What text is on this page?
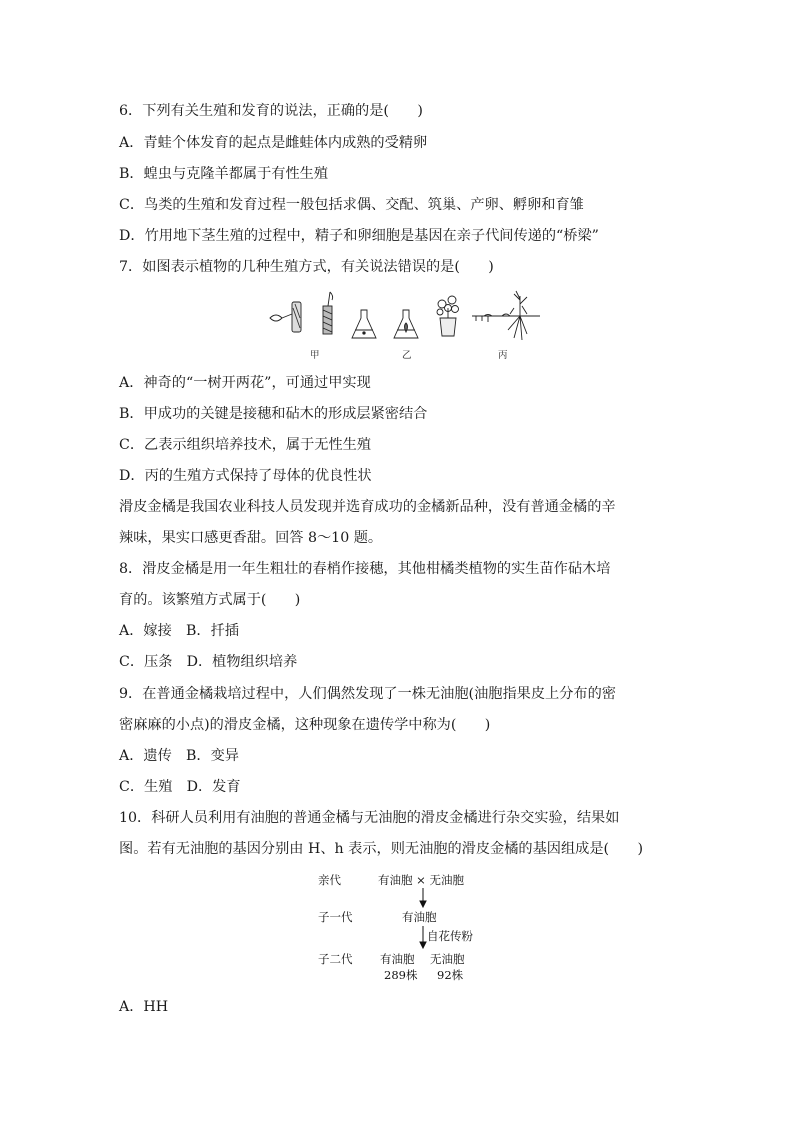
6．下列有关生殖和发育的说法，正确的是(　　)
A．青蛙个体发育的起点是雌蛙体内成熟的受精卵
B．蝗虫与克隆羊都属于有性生殖
C．鸟类的生殖和发育过程一般包括求偶、交配、筑巢、产卵、孵卵和育雏
D．竹用地下茎生殖的过程中，精子和卵细胞是基因在亲子代间传递的“桥梁”
7．如图表示植物的几种生殖方式，有关说法错误的是(　　)
甲	乙	丙
A．神奇的“一树开两花”，可通过甲实现
B．甲成功的关键是接穗和砧木的形成层紧密结合
C．乙表示组织培养技术，属于无性生殖
D．丙的生殖方式保持了母体的优良性状
滑皮金橘是我国农业科技人员发现并选育成功的金橘新品种，没有普通金橘的辛
辣味，果实口感更香甜。回答 8～10 题。
8．滑皮金橘是用一年生粗壮的春梢作接穗，其他柑橘类植物的实生苗作砧木培
育的。该繁殖方式属于(　　)
A．嫁接　B．扦插
C．压条　D．植物组织培养
9．在普通金橘栽培过程中，人们偶然发现了一株无油胞(油胞指果皮上分布的密
密麻麻的小点)的滑皮金橘，这种现象在遗传学中称为(　　)
A．遗传　B．变异
C．生殖　D．发育
10．科研人员利用有油胞的普通金橘与无油胞的滑皮金橘进行杂交实验，结果如
图。若有无油胞的基因分别由 H、h 表示，则无油胞的滑皮金橘的基因组成是(　　)
亲代	有油胞 × 无油胞
子一代	有油胞
自花传粉
子二代 有油胞 无油胞
289株 92株
A．HH
